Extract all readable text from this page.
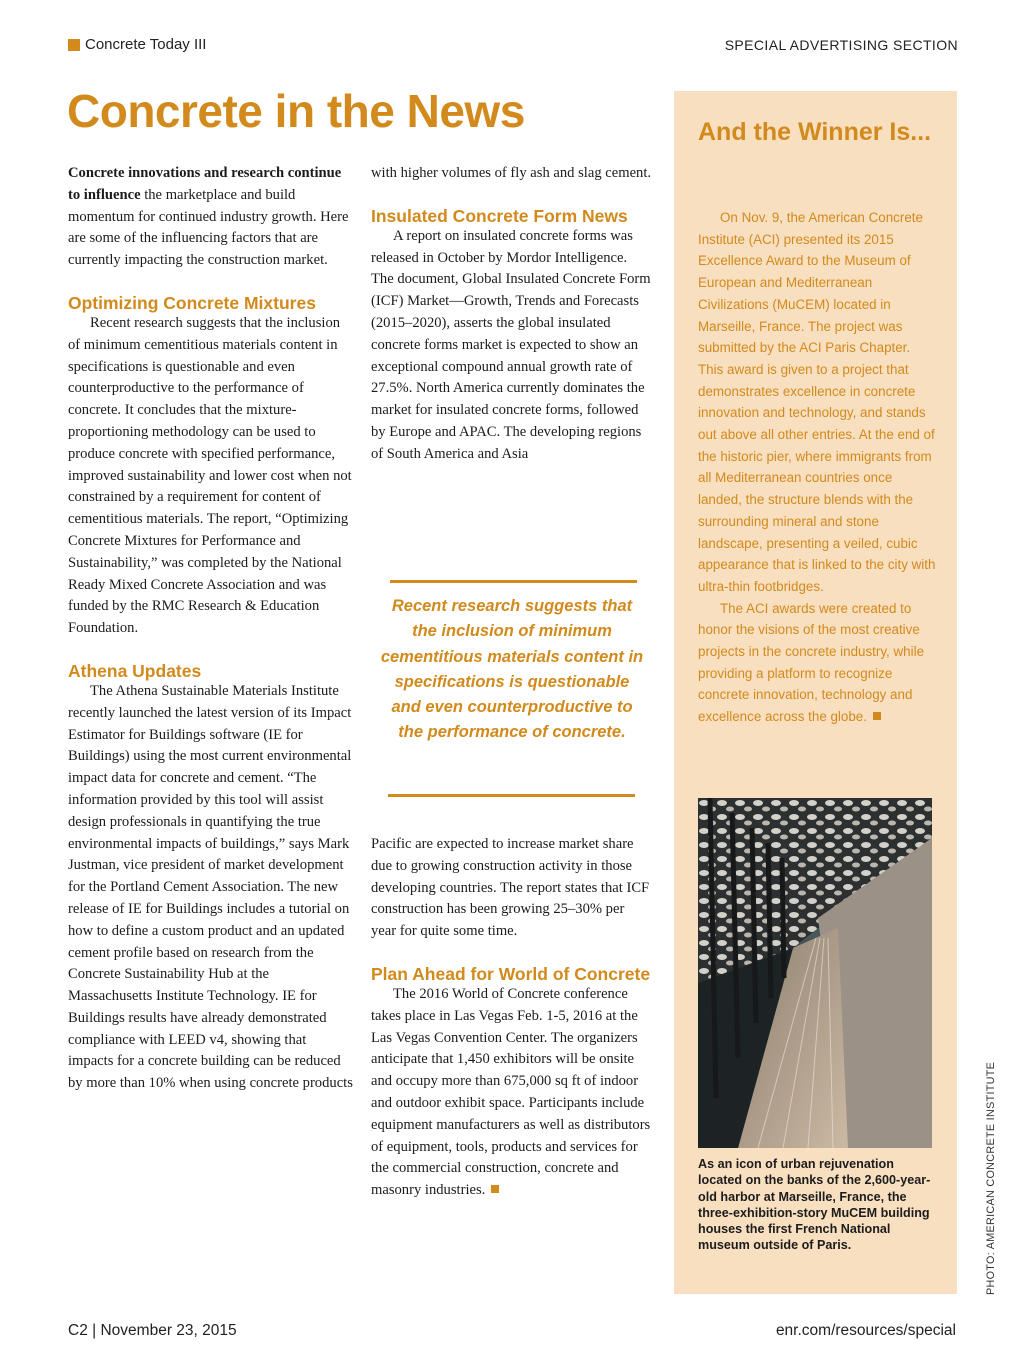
Concrete Today III	SPECIAL ADVERTISING SECTION
Concrete in the News

Concrete innovations and research continue to influence the marketplace and build momentum for continued industry growth. Here are some of the influencing factors that are currently impacting the construction market.

Optimizing Concrete Mixtures

Recent research suggests that the inclusion of minimum cementitious materials content in specifications is questionable and even counterproductive to the performance of concrete. It concludes that the mixture-proportioning methodology can be used to produce concrete with specified performance, improved sustainability and lower cost when not constrained by a requirement for content of cementitious materials. The report, “Optimizing Concrete Mixtures for Performance and Sustainability,” was completed by the National Ready Mixed Concrete Association and was funded by the RMC Research & Education Foundation.

Athena Updates

The Athena Sustainable Materials Institute recently launched the latest version of its Impact Estimator for Buildings software (IE for Buildings) using the most current environmental impact data for concrete and cement. “The information provided by this tool will assist design professionals in quantifying the true environmental impacts of buildings,” says Mark Justman, vice president of market development for the Portland Cement Association. The new release of IE for Buildings includes a tutorial on how to define a custom product and an updated cement profile based on research from the Concrete Sustainability Hub at the Massachusetts Institute Technology. IE for Buildings results have already demonstrated compliance with LEED v4, showing that impacts for a concrete building can be reduced by more than 10% when using concrete products

with higher volumes of fly ash and slag cement.

Insulated Concrete Form News

A report on insulated concrete forms was released in October by Mordor Intelligence. The document, Global Insulated Concrete Form (ICF) Market—Growth, Trends and Forecasts (2015–2020), asserts the global insulated concrete forms market is expected to show an exceptional compound annual growth rate of 27.5%. North America currently dominates the market for insulated concrete forms, followed by Europe and APAC. The developing regions of South America and Asia

Recent research suggests that the inclusion of minimum cementitious materials content in specifications is questionable and even counterproductive to the performance of concrete.

Pacific are expected to increase market share due to growing construction activity in those developing countries. The report states that ICF construction has been growing 25–30% per year for quite some time.

Plan Ahead for World of Concrete

The 2016 World of Concrete conference takes place in Las Vegas Feb. 1-5, 2016 at the Las Vegas Convention Center. The organizers anticipate that 1,450 exhibitors will be onsite and occupy more than 675,000 sq ft of indoor and outdoor exhibit space. Participants include equipment manufacturers as well as distributors of equipment, tools, products and services for the commercial construction, concrete and masonry industries.

And the Winner Is...

On Nov. 9, the American Concrete Institute (ACI) presented its 2015 Excellence Award to the Museum of European and Mediterranean Civilizations (MuCEM) located in Marseille, France. The project was submitted by the ACI Paris Chapter. This award is given to a project that demonstrates excellence in concrete innovation and technology, and stands out above all other entries. At the end of the historic pier, where immigrants from all Mediterranean countries once landed, the structure blends with the surrounding mineral and stone landscape, presenting a veiled, cubic appearance that is linked to the city with ultra-thin footbridges.

The ACI awards were created to honor the visions of the most creative projects in the concrete industry, while providing a platform to recognize concrete innovation, technology and excellence across the globe.

As an icon of urban rejuvenation located on the banks of the 2,600-year-old harbor at Marseille, France, the three-exhibition-story MuCEM building houses the first French National museum outside of Paris.	PHOTO: AMERICAN CONCRETE INSTITUTE
C2 | November 23, 2015	enr.com/resources/special
